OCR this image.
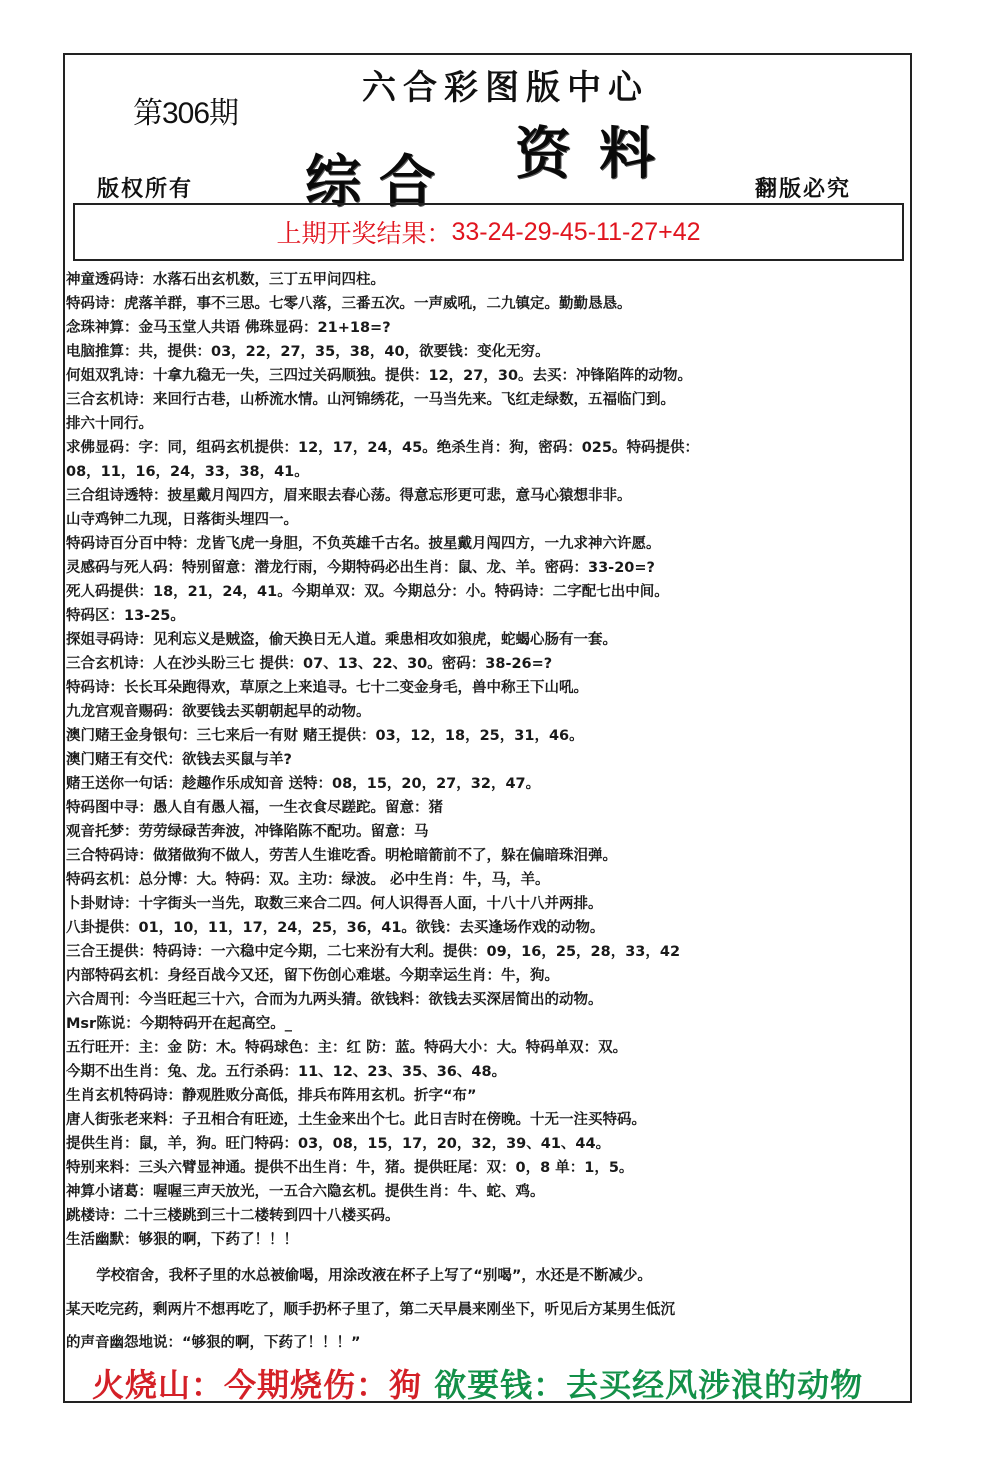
第306期
六合彩图版中心
综合 资料
版权所有	翻版必究
上期开奖结果： 33-24-29-45-11-27+42
神童透码诗：水落石出玄机数，三丁五甲问四柱。
特码诗：虎落羊群，事不三思。七零八落，三番五次。一声威吼，二九镇定。勤勤恳恳。
念珠神算：金马玉堂人共语 佛珠显码：21+18=?
电脑推算：共，提供：03，22，27，35，38，40，欲要钱：变化无穷。
何姐双乳诗：十拿九稳无一失，三四过关码顺独。提供：12，27，30。去买：冲锋陷阵的动物。
三合玄机诗：来回行古巷，山桥流水情。山河锦绣花，一马当先来。飞红走绿数，五福临门到。
排六十同行。
求佛显码：字：同，组码玄机提供：12，17，24，45。绝杀生肖：狗，密码：025。特码提供：
08，11，16，24，33，38，41。
三合组诗透特：披星戴月闯四方，眉来眼去春心荡。得意忘形更可悲，意马心猿想非非。
山寺鸡钟二九现，日落街头埋四一。
特码诗百分百中特：龙皆飞虎一身胆，不负英雄千古名。披星戴月闯四方，一九求神六许愿。
灵感码与死人码：特别留意：潜龙行雨，今期特码必出生肖：鼠、龙、羊。密码：33-20=?
死人码提供：18，21，24，41。今期单双：双。今期总分：小。特码诗：二字配七出中间。
特码区：13-25。
探姐寻码诗：见利忘义是贼盗，偷天换日无人道。乘患相攻如狼虎，蛇蝎心肠有一套。
三合玄机诗：人在沙头盼三七 提供：07、13、22、30。密码：38-26=?
特码诗：长长耳朵跑得欢，草原之上来追寻。七十二变金身毛，兽中称王下山吼。
九龙宫观音赐码：欲要钱去买朝朝起早的动物。
澳门赌王金身银句：三七来后一有财 赌王提供：03，12，18，25，31，46。
澳门赌王有交代：欲钱去买鼠与羊?
赌王送你一句话：趁趣作乐成知音 送特：08，15，20，27，32，47。
特码图中寻：愚人自有愚人福，一生衣食尽蹉跎。留意：猪
观音托梦：劳劳绿碌苦奔波，冲锋陷陈不配功。留意：马
三合特码诗：做猪做狗不做人，劳苦人生谁吃香。明枪暗箭前不了，躲在偏暗珠泪弹。
特码玄机：总分博：大。特码：双。主功：绿波。 必中生肖：牛，马，羊。
卜卦财诗：十字街头一当先，取数三来合二四。何人识得吾人面，十八十八并两排。
八卦提供：01，10，11，17，24，25，36，41。欲钱：去买逢场作戏的动物。
三合王提供：特码诗：一六稳中定今期，二七来汾有大利。提供：09，16，25，28，33，42
内部特码玄机：身经百战今又还，留下伤创心难堪。今期幸运生肖：牛，狗。
六合周刊：今当旺起三十六，合而为九两头猜。欲钱料：欲钱去买深居简出的动物。
Msr陈说：今期特码开在起高空。_
五行旺开：主：金 防：木。特码球色：主：红 防：蓝。特码大小：大。特码单双：双。
今期不出生肖：兔、龙。五行杀码：11、12、23、35、36、48。
生肖玄机特码诗：静观胜败分高低，排兵布阵用玄机。折字“布”
唐人街张老来料：子丑相合有旺迹，土生金来出个七。此日吉时在傍晚。十无一注买特码。
提供生肖：鼠，羊，狗。旺门特码：03，08，15，17，20，32，39、41、44。
特别来料：三头六臂显神通。提供不出生肖：牛，猪。提供旺尾：双：0，8 单：1，5。
神算小诸葛：喔喔三声天放光，一五合六隐玄机。提供生肖：牛、蛇、鸡。
跳楼诗：二十三楼跳到三十二楼转到四十八楼买码。
生活幽默：够狠的啊，下药了！！！
学校宿舍，我杯子里的水总被偷喝，用涂改液在杯子上写了“别喝”，水还是不断减少。
某天吃完药，剩两片不想再吃了，顺手扔杯子里了，第二天早晨来刚坐下，听见后方某男生低沉
的声音幽怨地说：“够狠的啊，下药了！！！”
火烧山：今期烧伤：狗 欲要钱：去买经风涉浪的动物
